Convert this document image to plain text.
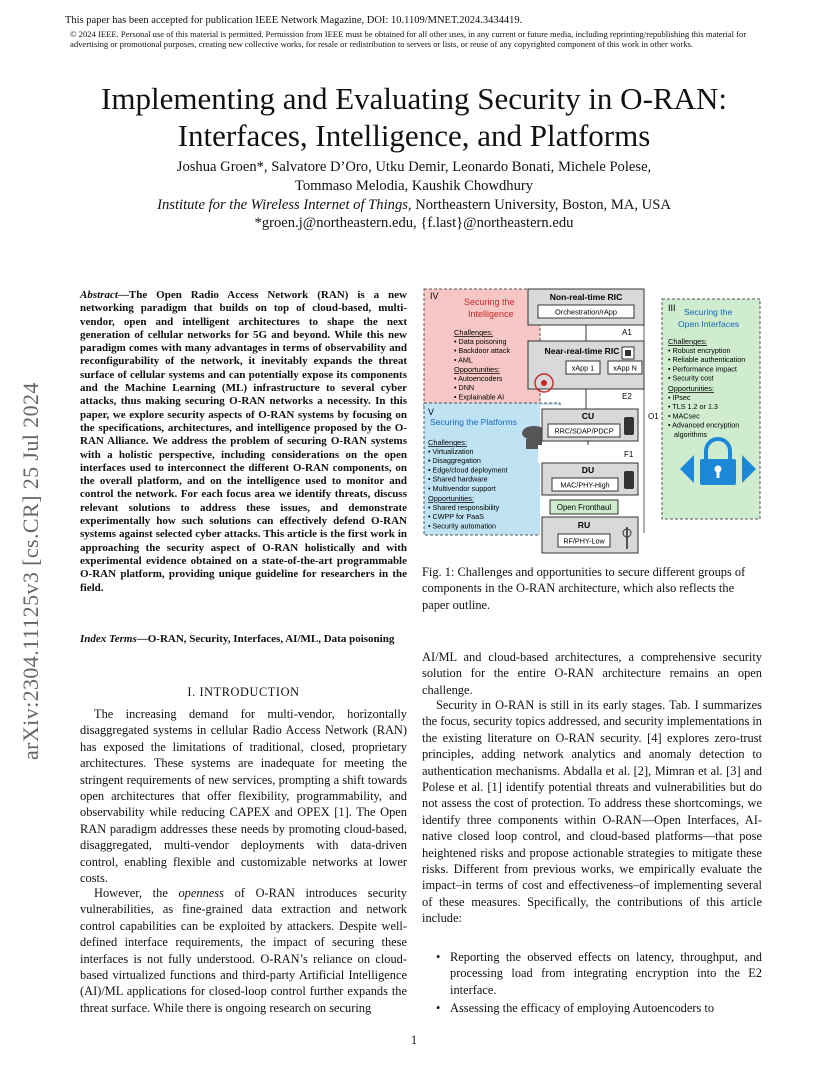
This paper has been accepted for publication IEEE Network Magazine, DOI: 10.1109/MNET.2024.3434419.
© 2024 IEEE. Personal use of this material is permitted. Permission from IEEE must be obtained for all other uses, in any current or future media, including reprinting/republishing this material for advertising or promotional purposes, creating new collective works, for resale or redistribution to servers or lists, or reuse of any copyrighted component of this work in other works.
Implementing and Evaluating Security in O-RAN:
Interfaces, Intelligence, and Platforms
Joshua Groen*, Salvatore D’Oro, Utku Demir, Leonardo Bonati, Michele Polese,
Tommaso Melodia, Kaushik Chowdhury
Institute for the Wireless Internet of Things, Northeastern University, Boston, MA, USA
*groen.j@northeastern.edu, {f.last}@northeastern.edu
arXiv:2304.11125v3 [cs.CR] 25 Jul 2024
Abstract—The Open Radio Access Network (RAN) is a new networking paradigm that builds on top of cloud-based, multi-vendor, open and intelligent architectures to shape the next generation of cellular networks for 5G and beyond. While this new paradigm comes with many advantages in terms of observability and reconfigurability of the network, it inevitably expands the threat surface of cellular systems and can potentially expose its components and the Machine Learning (ML) infrastructure to several cyber attacks, thus making securing O-RAN networks a necessity. In this paper, we explore security aspects of O-RAN systems by focusing on the specifications, architectures, and intelligence proposed by the O-RAN Alliance. We address the problem of securing O-RAN systems with a holistic perspective, including considerations on the open interfaces used to interconnect the different O-RAN components, on the overall platform, and on the intelligence used to monitor and control the network. For each focus area we identify threats, discuss relevant solutions to address these issues, and demonstrate experimentally how such solutions can effectively defend O-RAN systems against selected cyber attacks. This article is the first work in approaching the security aspect of O-RAN holistically and with experimental evidence obtained on a state-of-the-art programmable O-RAN platform, providing unique guideline for researchers in the field.
Index Terms—O-RAN, Security, Interfaces, AI/ML, Data poisoning
I. INTRODUCTION
The increasing demand for multi-vendor, horizontally disaggregated systems in cellular Radio Access Network (RAN) has exposed the limitations of traditional, closed, proprietary architectures. These systems are inadequate for meeting the stringent requirements of new services, prompting a shift towards open architectures that offer flexibility, programmability, and observability while reducing CAPEX and OPEX [1]. The Open RAN paradigm addresses these needs by promoting cloud-based, disaggregated, multi-vendor deployments with data-driven control, enabling flexible and customizable networks at lower costs.
However, the openness of O-RAN introduces security vulnerabilities, as fine-grained data extraction and network control capabilities can be exploited by attackers. Despite well-defined interface requirements, the impact of securing these interfaces is not fully understood. O-RAN’s reliance on cloud-based virtualized functions and third-party Artificial Intelligence (AI)/ML applications for closed-loop control further expands the threat surface. While there is ongoing research on securing
AI/ML and cloud-based architectures, a comprehensive security solution for the entire O-RAN architecture remains an open challenge.
Security in O-RAN is still in its early stages. Tab. I summarizes the focus, security topics addressed, and security implementations in the existing literature on O-RAN security. [4] explores zero-trust principles, adding network analytics and anomaly detection to authentication mechanisms. Abdalla et al. [2], Mimran et al. [3] and Polese et al. [1] identify potential threats and vulnerabilities but do not assess the cost of protection. To address these shortcomings, we identify three components within O-RAN—Open Interfaces, AI-native closed loop control, and cloud-based platforms—that pose heightened risks and propose actionable strategies to mitigate these risks. Different from previous works, we empirically evaluate the impact–in terms of cost and effectiveness–of implementing several of these measures. Specifically, the contributions of this article include:
• Reporting the observed effects on latency, throughput, and processing load from integrating encryption into the E2 interface.
• Assessing the efficacy of employing Autoencoders to
1
IV
Securing the
Intelligence
Challenges:
• Data poisoning
• Backdoor attack
• AML
• Autoencoders
• DNN
• Explainable AI
Opportunities:
Non-real-time RIC
Orchestration/rApp
A1
Near-real-time RIC
xApp 1	xApp N
E2
O1
V
Securing the Platforms
Challenges:
• Virtualization
• Disaggregation
• Edge/cloud deployment
• Shared hardware
• Multivendor support
Opportunities:
• Shared responsibility
• CWPP for PaaS
• Security automation
CU
RRC/SDAP/PDCP
F1
DU
MAC/PHY-High
Open Fronthaul
RU
RF/PHY-Low
III Securing the
Open Interfaces
Challenges:
• Robust encryption
• Reliable authentication
• Performance impact
• Security cost
Opportunities:
• IPsec
• TLS 1.2 or 1.3
• MACsec
• Advanced encryption
algorithms
Fig. 1: Challenges and opportunities to secure different groups of components in the O-RAN architecture, which also reflects the paper outline.
